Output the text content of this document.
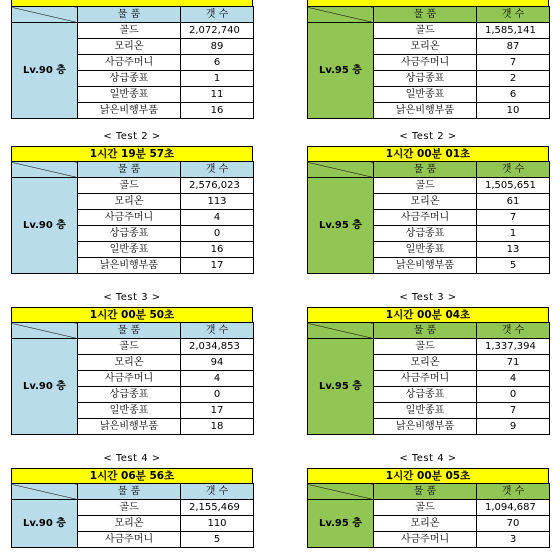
	물 품	갯 수
Lv.90 층	골드	2,072,740
	모리온	89
	사금주머니	6
	상급종표	1
	일반종표	11
	낡은비행부품	16
	물 품	갯 수
Lv.95 층	골드	1,585,141
	모리온	87
	사금주머니	7
	상급종표	2
	일반종표	6
	낡은비행부품	10
< Test 2 >
1시간 19분 57초
	물 품	갯 수
Lv.90 층	골드	2,576,023
	모리온	113
	사금주머니	4
	상급종표	0
	일반종표	16
	낡은비행부품	17
< Test 2 >
1시간 00분 01초
	물 품	갯 수
Lv.95 층	골드	1,505,651
	모리온	61
	사금주머니	7
	상급종표	1
	일반종표	13
	낡은비행부품	5
< Test 3 >
1시간 00분 50초
	물 품	갯 수
Lv.90 층	골드	2,034,853
	모리온	94
	사금주머니	4
	상급종표	0
	일반종표	17
	낡은비행부품	18
< Test 3 >
1시간 00분 04초
	물 품	갯 수
Lv.95 층	골드	1,337,394
	모리온	71
	사금주머니	4
	상급종표	0
	일반종표	7
	낡은비행부품	9
< Test 4 >
1시간 06분 56초
	물 품	갯 수
Lv.90 층	골드	2,155,469
	모리온	110
	사금주머니	5
< Test 4 >
1시간 00분 05초
	물 품	갯 수
Lv.95 층	골드	1,094,687
	모리온	70
	사금주머니	3
